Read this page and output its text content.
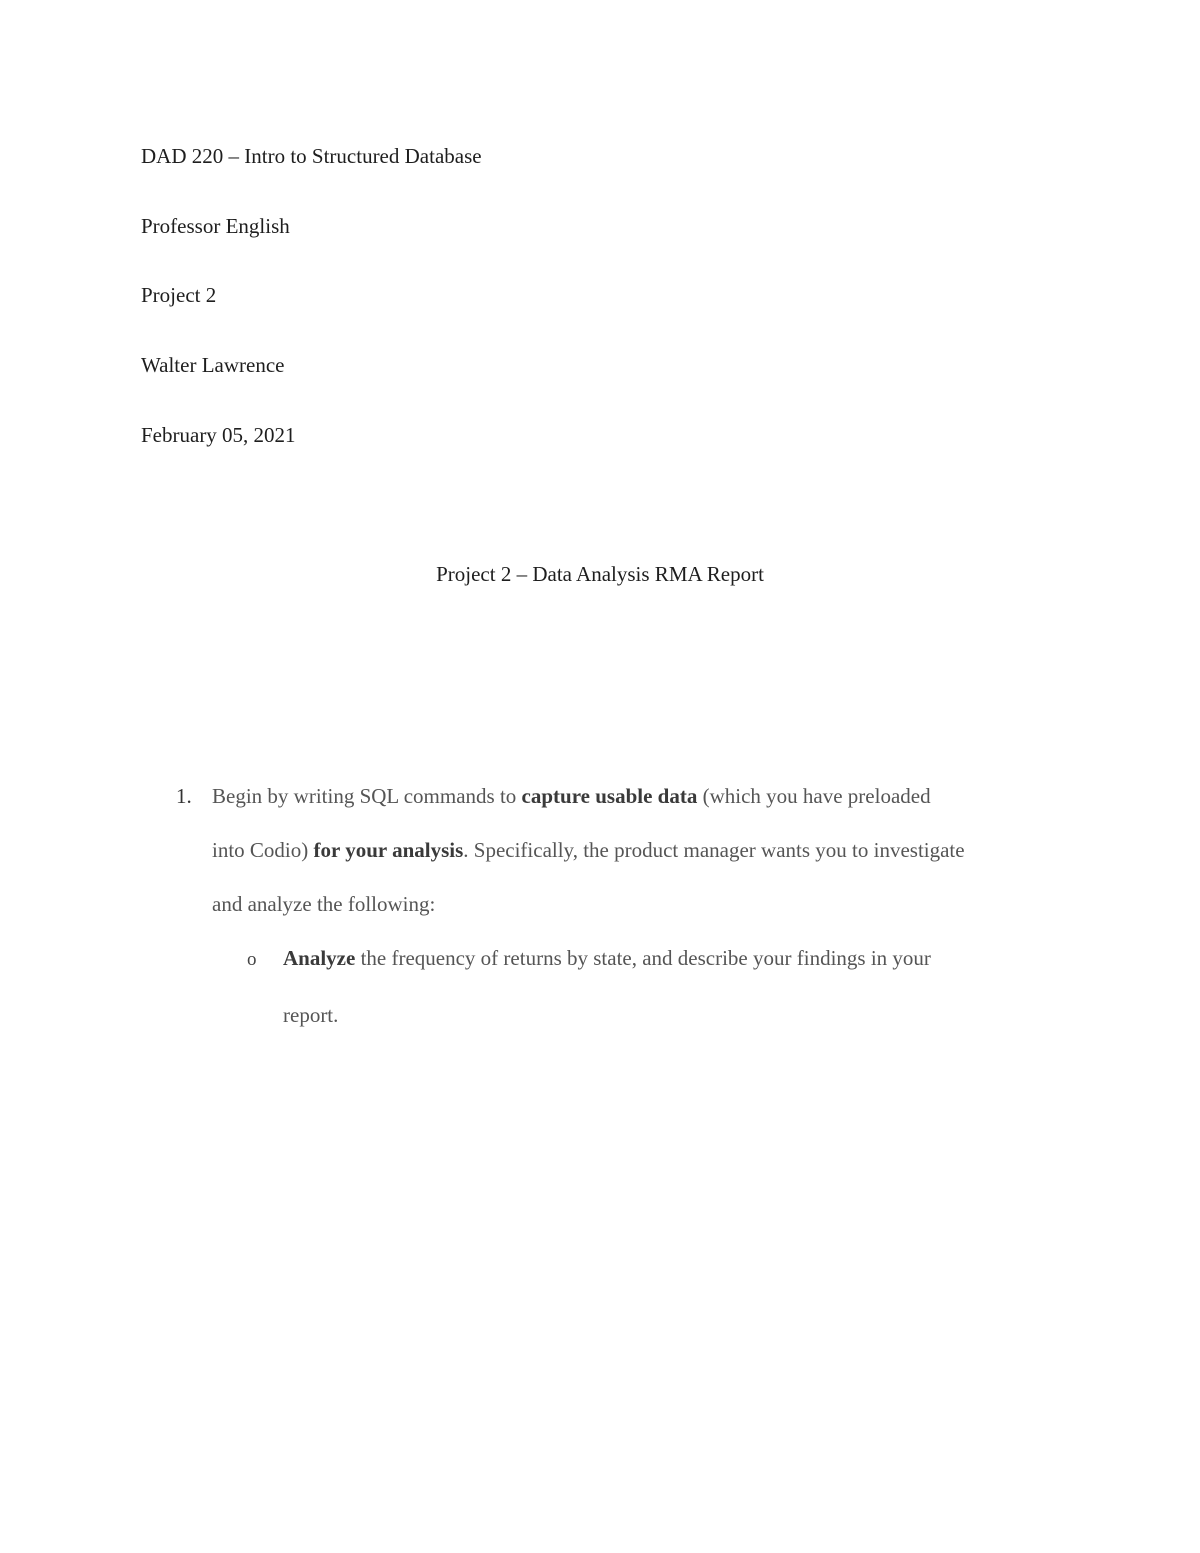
DAD 220 – Intro to Structured Database
Professor English
Project 2
Walter Lawrence
February 05, 2021
Project 2 – Data Analysis RMA Report
1. Begin by writing SQL commands to capture usable data (which you have preloaded
into Codio) for your analysis. Specifically, the product manager wants you to investigate
and analyze the following:
o Analyze the frequency of returns by state, and describe your findings in your
report.
